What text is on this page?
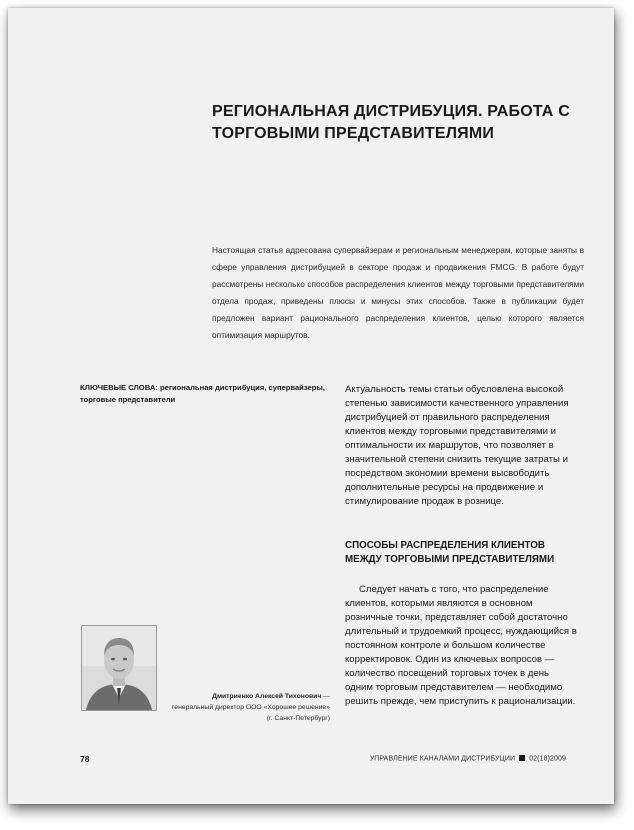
РЕГИОНАЛЬНАЯ ДИСТРИБУЦИЯ. РАБОТА С ТОРГОВЫМИ ПРЕДСТАВИТЕЛЯМИ

Настоящая статья адресована супервайзерам и региональным менеджерам, которые заняты в сфере управления дистрибуцией в секторе продаж и продвижения FMCG. В работе будут рассмотрены несколько способов распределения клиентов между торговыми представителями отдела продаж, приведены плюсы и минусы этих способов. Также в публикации будет предложен вариант рационального распределения клиентов, целью которого является оптимизация маршрутов.

КЛЮЧЕВЫЕ СЛОВА: региональная дистрибуция, супервайзеры, торговые представители

Актуальность темы статьи обусловлена высокой степенью зависимости качественного управления дистрибуцией от правильного распределения клиентов между торговыми представителями и оптимальности их маршрутов, что позволяет в значительной степени снизить текущие затраты и посредством экономии времени высвободить дополнительные ресурсы на продвижение и стимулирование продаж в рознице.

СПОСОБЫ РАСПРЕДЕЛЕНИЯ КЛИЕНТОВ МЕЖДУ ТОРГОВЫМИ ПРЕДСТАВИТЕЛЯМИ

Следует начать с того, что распределение клиентов, которыми являются в основном розничные точки, представляет собой достаточно длительный и трудоемкий процесс, нуждающийся в постоянном контроле и большом количестве корректировок. Один из ключевых вопросов — количество посещений торговых точек в день одним торговым представителем — необходимо решить прежде, чем приступить к рационализации.

Дмитриенко Алексей Тихонович — генеральный директор ООО «Хорошее решение» (г. Санкт-Петербург)

78	УПРАВЛЕНИЕ КАНАЛАМИ ДИСТРИБУЦИИ 02(18)2009
